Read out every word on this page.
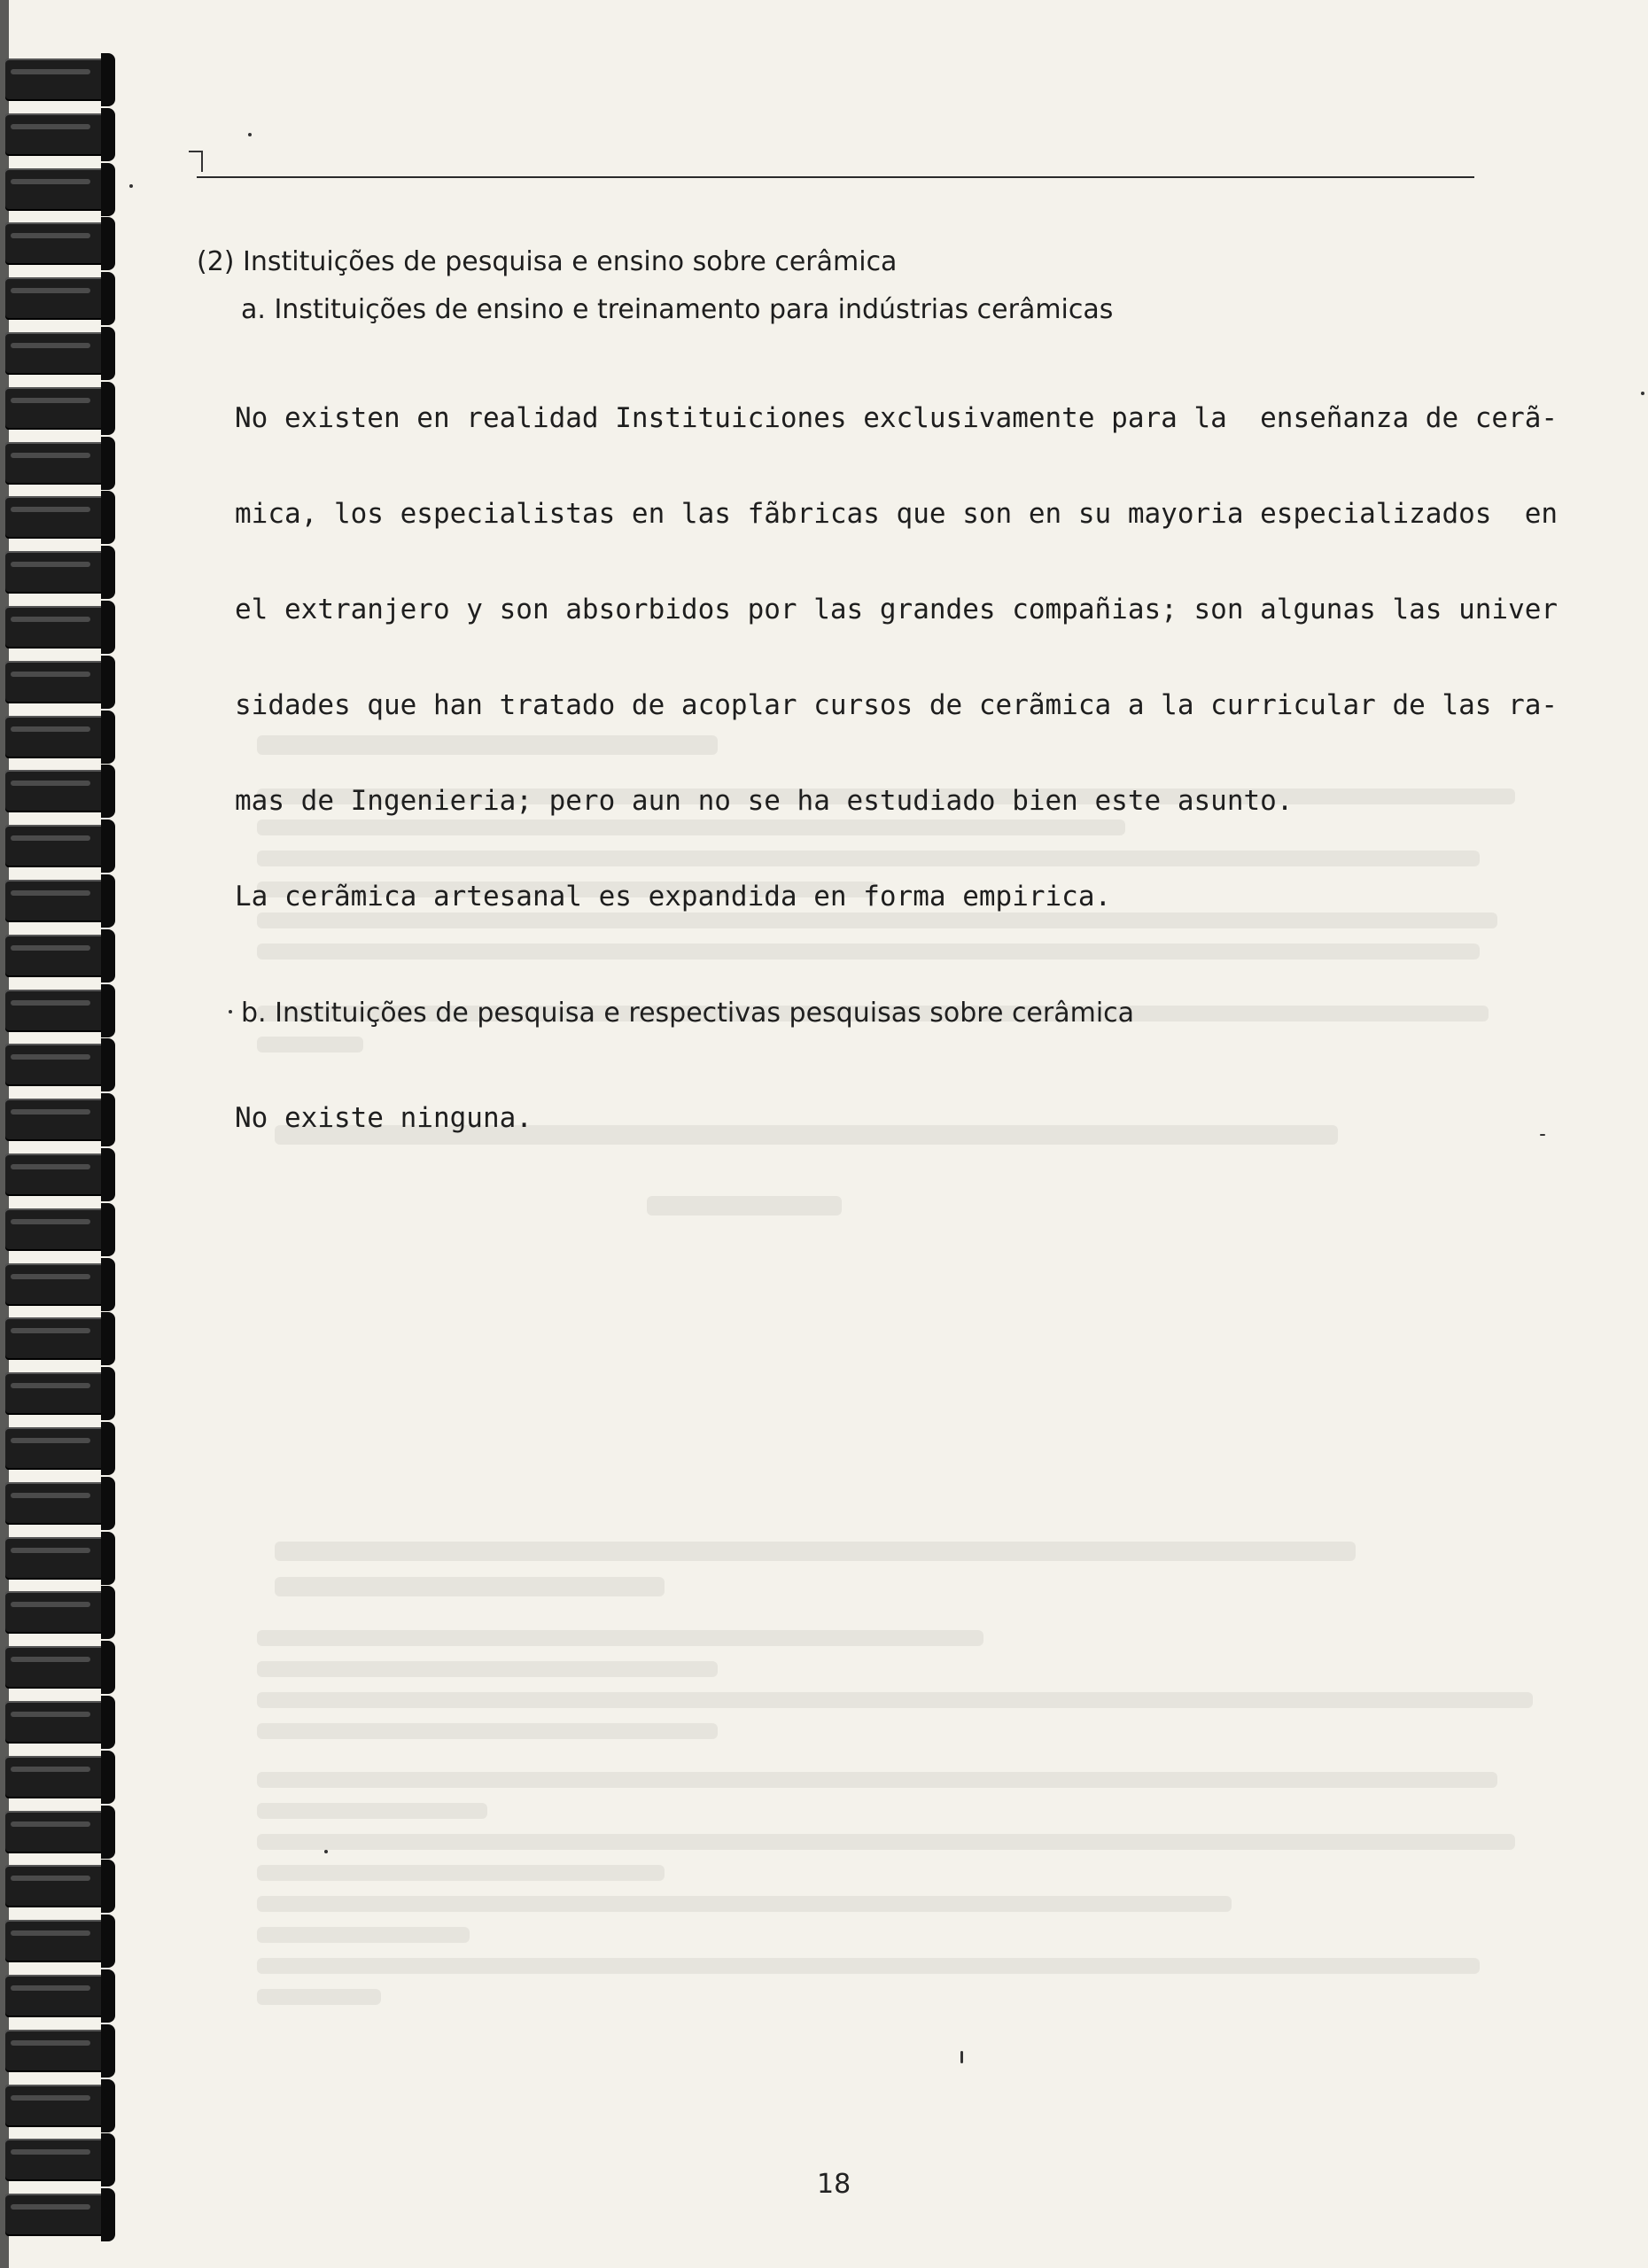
(2) Instituições de pesquisa e ensino sobre cerâmica
a. Instituições de ensino e treinamento para indústrias cerâmicas

No existen en realidad Instituiciones exclusivamente para la  enseñanza de cerã-

mica, los especialistas en las fãbricas que son en su mayoria especializados  en

el extranjero y son absorbidos por las grandes compañias; son algunas las univer

sidades que han tratado de acoplar cursos de cerãmica a la curricular de las ra-

mas de Ingenieria; pero aun no se ha estudiado bien este asunto.

La cerãmica artesanal es expandida en forma empirica.

b. Instituições de pesquisa e respectivas pesquisas sobre cerâmica
No existe ninguna.
18
